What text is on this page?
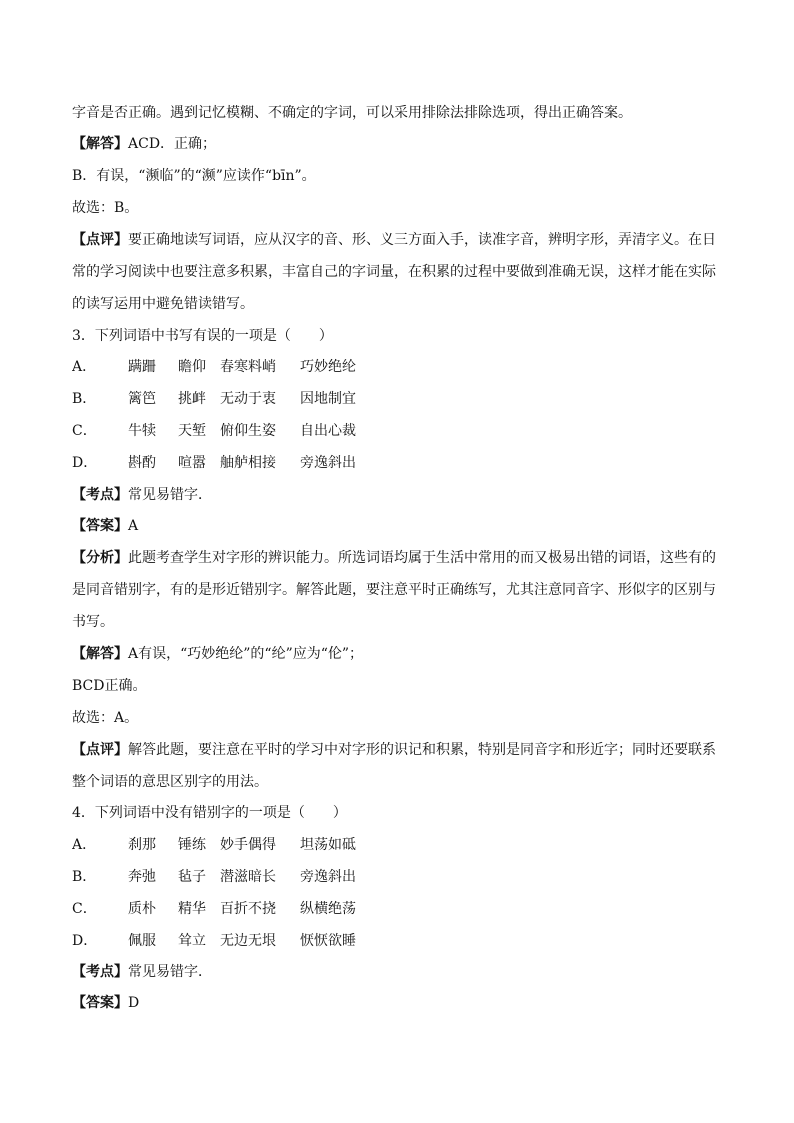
字音是否正确。遇到记忆模糊、不确定的字词，可以采用排除法排除选项，得出正确答案。
【解答】ACD．正确；
B．有误，“濒临”的“濒”应读作“bīn”。
故选：B。
【点评】要正确地读写词语，应从汉字的音、形、义三方面入手，读准字音，辨明字形，弄清字义。在日
常的学习阅读中也要注意多积累，丰富自己的字词量，在积累的过程中要做到准确无误，这样才能在实际
的读写运用中避免错读错写。
3．下列词语中书写有误的一项是（　　）
A．	蹒跚	瞻仰	春寒料峭	巧妙绝纶
B．	篱笆	挑衅	无动于衷	因地制宜
C．	牛犊	天堑	俯仰生姿	自出心裁
D．	斟酌	喧嚣	舳舻相接	旁逸斜出
【考点】常见易错字．
【答案】A
【分析】此题考查学生对字形的辨识能力。所选词语均属于生活中常用的而又极易出错的词语，这些有的
是同音错别字，有的是形近错别字。解答此题，要注意平时正确练写，尤其注意同音字、形似字的区别与
书写。
【解答】A有误，“巧妙绝纶”的“纶”应为“伦”；
BCD正确。
故选：A。
【点评】解答此题，要注意在平时的学习中对字形的识记和积累，特别是同音字和形近字；同时还要联系
整个词语的意思区别字的用法。
4．下列词语中没有错别字的一项是（　　）
A．	刹那	锤练	妙手偶得	坦荡如砥
B．	奔弛	毡子	潜滋暗长	旁逸斜出
C．	质朴	精华	百折不挠	纵横绝荡
D．	佩服	耸立	无边无垠	恹恹欲睡
【考点】常见易错字．
【答案】D
